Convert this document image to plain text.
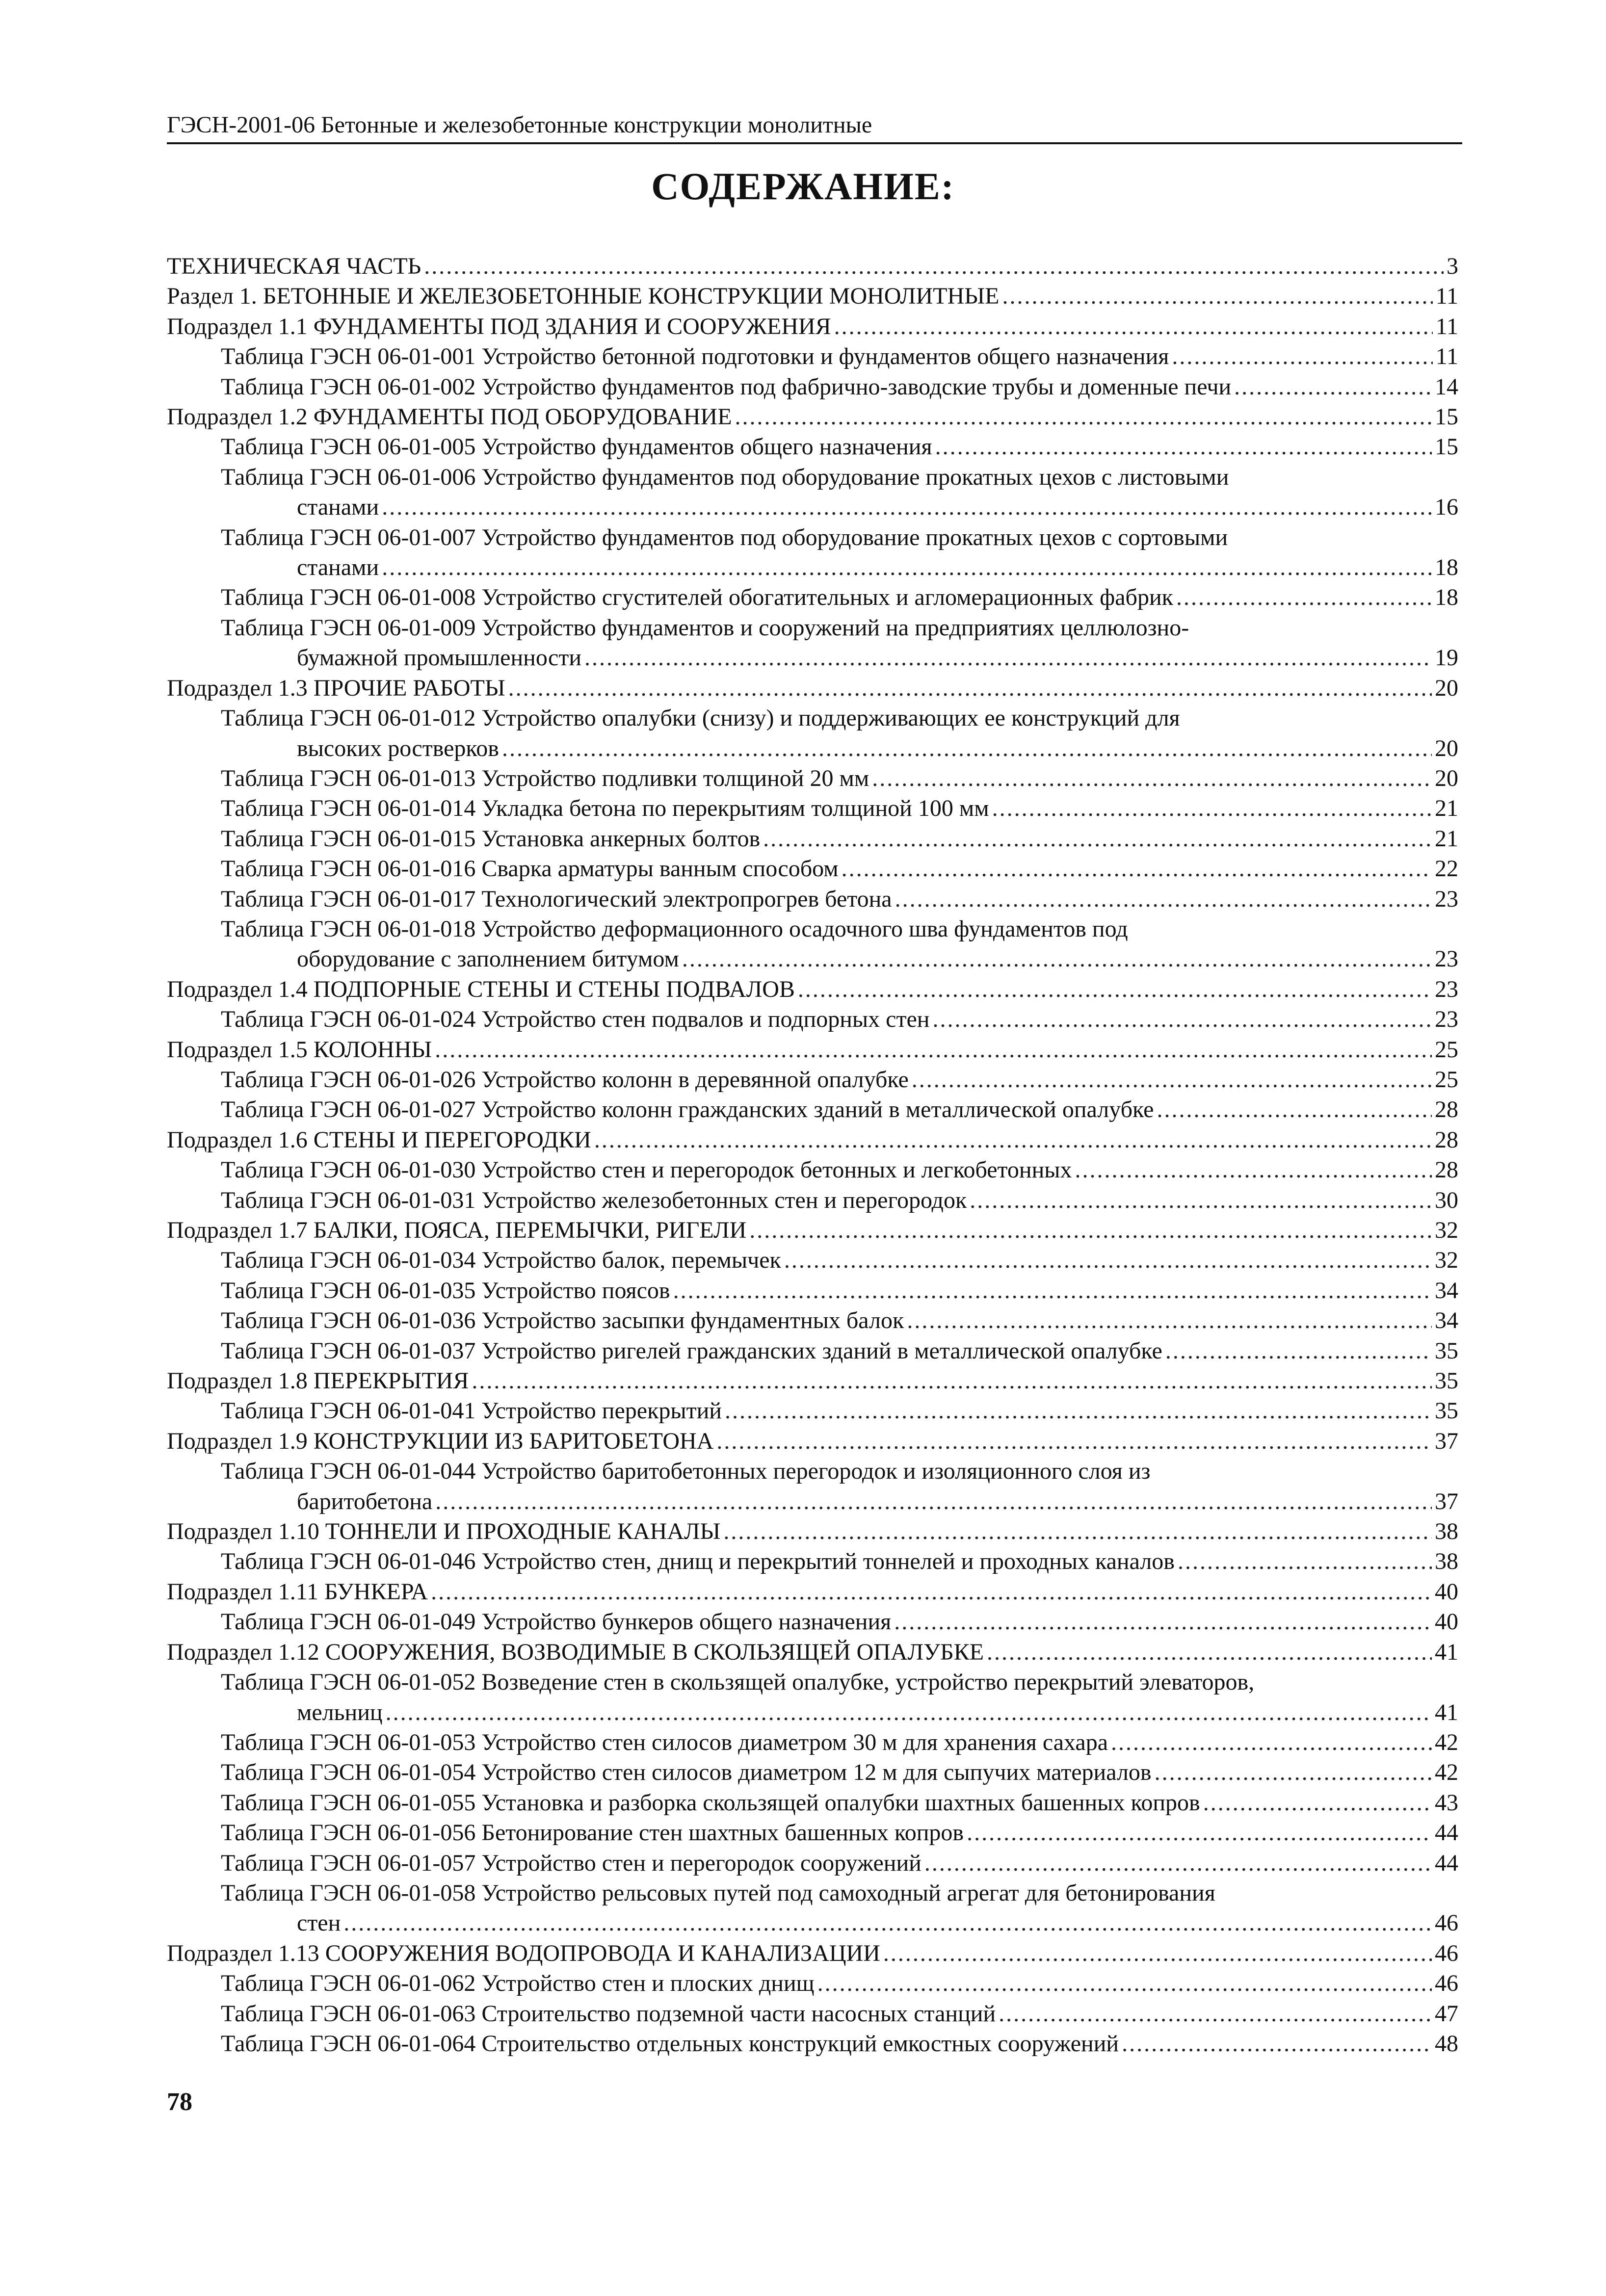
ГЭСН-2001-06 Бетонные и железобетонные конструкции монолитные
СОДЕРЖАНИЕ:
ТЕХНИЧЕСКАЯ ЧАСТЬ .....	3
Раздел 1. БЕТОННЫЕ И ЖЕЛЕЗОБЕТОННЫЕ КОНСТРУКЦИИ МОНОЛИТНЫЕ .....	11
Подраздел 1.1 ФУНДАМЕНТЫ ПОД ЗДАНИЯ И СООРУЖЕНИЯ .....	11
Таблица ГЭСН 06-01-001 Устройство бетонной подготовки и фундаментов общего назначения .....	11
Таблица ГЭСН 06-01-002 Устройство фундаментов под фабрично-заводские трубы и доменные печи .....	14
Подраздел 1.2 ФУНДАМЕНТЫ ПОД ОБОРУДОВАНИЕ .....	15
Таблица ГЭСН 06-01-005 Устройство фундаментов общего назначения .....	15
Таблица ГЭСН 06-01-006 Устройство фундаментов под оборудование прокатных цехов с листовыми
станами .....	16
Таблица ГЭСН 06-01-007 Устройство фундаментов под оборудование прокатных цехов с сортовыми
станами .....	18
Таблица ГЭСН 06-01-008 Устройство сгустителей обогатительных и агломерационных фабрик .....	18
Таблица ГЭСН 06-01-009 Устройство фундаментов и сооружений на предприятиях целлюлозно-
бумажной промышленности .....	19
Подраздел 1.3 ПРОЧИЕ РАБОТЫ .....	20
Таблица ГЭСН 06-01-012 Устройство опалубки (снизу) и поддерживающих ее конструкций для
высоких ростверков .....	20
Таблица ГЭСН 06-01-013 Устройство подливки толщиной 20 мм .....	20
Таблица ГЭСН 06-01-014 Укладка бетона по перекрытиям толщиной 100 мм .....	21
Таблица ГЭСН 06-01-015 Установка анкерных болтов .....	21
Таблица ГЭСН 06-01-016 Сварка арматуры ванным способом .....	22
Таблица ГЭСН 06-01-017 Технологический электропрогрев бетона .....	23
Таблица ГЭСН 06-01-018 Устройство деформационного осадочного шва фундаментов под
оборудование с заполнением битумом .....	23
Подраздел 1.4 ПОДПОРНЫЕ СТЕНЫ И СТЕНЫ ПОДВАЛОВ .....	23
Таблица ГЭСН 06-01-024 Устройство стен подвалов и подпорных стен .....	23
Подраздел 1.5 КОЛОННЫ .....	25
Таблица ГЭСН 06-01-026 Устройство колонн в деревянной опалубке .....	25
Таблица ГЭСН 06-01-027 Устройство колонн гражданских зданий в металлической опалубке .....	28
Подраздел 1.6 СТЕНЫ И ПЕРЕГОРОДКИ .....	28
Таблица ГЭСН 06-01-030 Устройство стен и перегородок бетонных и легкобетонных .....	28
Таблица ГЭСН 06-01-031 Устройство железобетонных стен и перегородок .....	30
Подраздел 1.7 БАЛКИ, ПОЯСА, ПЕРЕМЫЧКИ, РИГЕЛИ .....	32
Таблица ГЭСН 06-01-034 Устройство балок, перемычек .....	32
Таблица ГЭСН 06-01-035 Устройство поясов .....	34
Таблица ГЭСН 06-01-036 Устройство засыпки фундаментных балок .....	34
Таблица ГЭСН 06-01-037 Устройство ригелей гражданских зданий в металлической опалубке .....	35
Подраздел 1.8 ПЕРЕКРЫТИЯ .....	35
Таблица ГЭСН 06-01-041 Устройство перекрытий .....	35
Подраздел 1.9 КОНСТРУКЦИИ ИЗ БАРИТОБЕТОНА .....	37
Таблица ГЭСН 06-01-044 Устройство баритобетонных перегородок и изоляционного слоя из
баритобетона .....	37
Подраздел 1.10 ТОННЕЛИ И ПРОХОДНЫЕ КАНАЛЫ .....	38
Таблица ГЭСН 06-01-046 Устройство стен, днищ и перекрытий тоннелей и проходных каналов .....	38
Подраздел 1.11 БУНКЕРА .....	40
Таблица ГЭСН 06-01-049 Устройство бункеров общего назначения .....	40
Подраздел 1.12 СООРУЖЕНИЯ, ВОЗВОДИМЫЕ В СКОЛЬЗЯЩЕЙ ОПАЛУБКЕ .....	41
Таблица ГЭСН 06-01-052 Возведение стен в скользящей опалубке, устройство перекрытий элеваторов,
мельниц .....	41
Таблица ГЭСН 06-01-053 Устройство стен силосов диаметром 30 м для хранения сахара .....	42
Таблица ГЭСН 06-01-054 Устройство стен силосов диаметром 12 м для сыпучих материалов .....	42
Таблица ГЭСН 06-01-055 Установка и разборка скользящей опалубки шахтных башенных копров .....	43
Таблица ГЭСН 06-01-056 Бетонирование стен шахтных башенных копров .....	44
Таблица ГЭСН 06-01-057 Устройство стен и перегородок сооружений .....	44
Таблица ГЭСН 06-01-058 Устройство рельсовых путей под самоходный агрегат для бетонирования
стен .....	46
Подраздел 1.13 СООРУЖЕНИЯ ВОДОПРОВОДА И КАНАЛИЗАЦИИ .....	46
Таблица ГЭСН 06-01-062 Устройство стен и плоских днищ .....	46
Таблица ГЭСН 06-01-063 Строительство подземной части насосных станций .....	47
Таблица ГЭСН 06-01-064 Строительство отдельных конструкций емкостных сооружений .....	48
78
